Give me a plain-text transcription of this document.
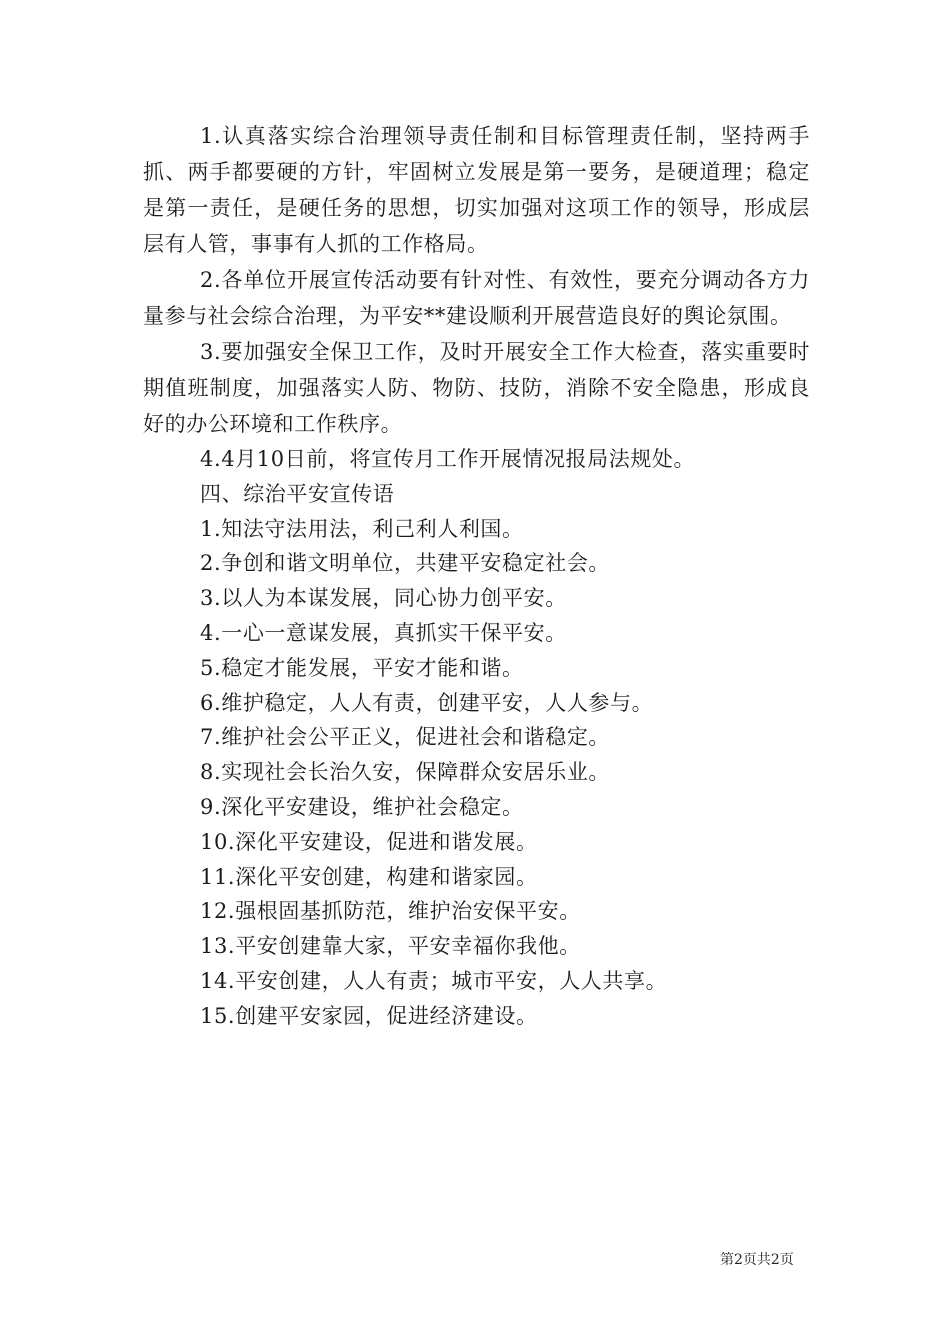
1.认真落实综合治理领导责任制和目标管理责任制，坚持两手抓、两手都要硬的方针，牢固树立发展是第一要务，是硬道理；稳定是第一责任，是硬任务的思想，切实加强对这项工作的领导，形成层层有人管，事事有人抓的工作格局。

2.各单位开展宣传活动要有针对性、有效性，要充分调动各方力量参与社会综合治理，为平安**建设顺利开展营造良好的舆论氛围。

3.要加强安全保卫工作，及时开展安全工作大检查，落实重要时期值班制度，加强落实人防、物防、技防，消除不安全隐患，形成良好的办公环境和工作秩序。

4.4月10日前，将宣传月工作开展情况报局法规处。

四、综治平安宣传语

1.知法守法用法，利己利人利国。

2.争创和谐文明单位，共建平安稳定社会。

3.以人为本谋发展，同心协力创平安。

4.一心一意谋发展，真抓实干保平安。

5.稳定才能发展，平安才能和谐。

6.维护稳定，人人有责，创建平安，人人参与。

7.维护社会公平正义，促进社会和谐稳定。

8.实现社会长治久安，保障群众安居乐业。

9.深化平安建设，维护社会稳定。

10.深化平安建设，促进和谐发展。

11.深化平安创建，构建和谐家园。

12.强根固基抓防范，维护治安保平安。

13.平安创建靠大家，平安幸福你我他。

14.平安创建，人人有责；城市平安，人人共享。

15.创建平安家园，促进经济建设。

第2页共2页
